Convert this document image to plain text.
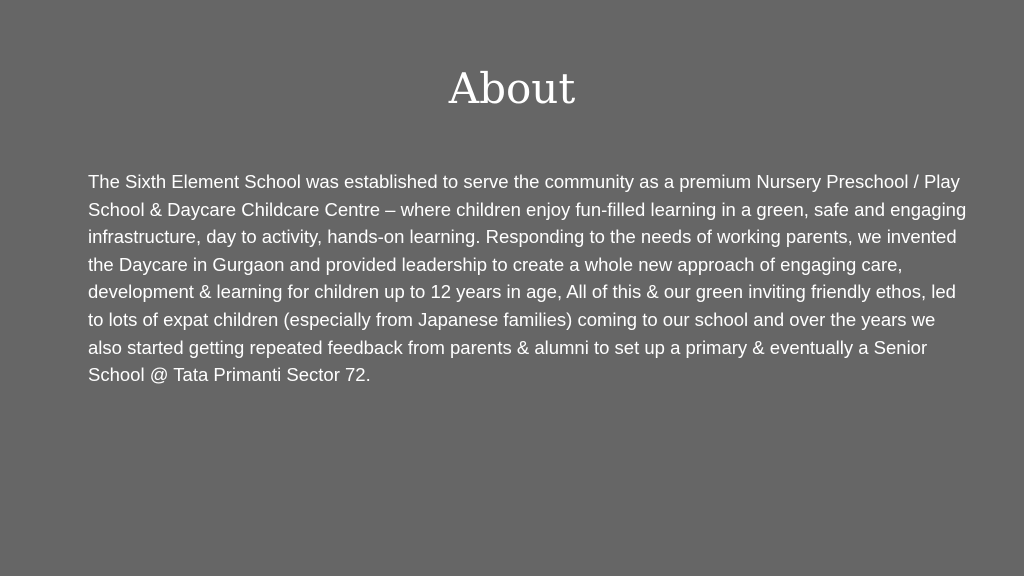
About

The Sixth Element School was established to serve the community as a premium Nursery Preschool / Play School & Daycare Childcare Centre – where children enjoy fun-filled learning in a green, safe and engaging infrastructure, day to activity, hands-on learning. Responding to the needs of working parents, we invented the Daycare in Gurgaon and provided leadership to create a whole new approach of engaging care, development & learning for children up to 12 years in age, All of this & our green inviting friendly ethos, led to lots of expat children (especially from Japanese families) coming to our school and over the years we also started getting repeated feedback from parents & alumni to set up a primary & eventually a Senior School @ Tata Primanti Sector 72.
